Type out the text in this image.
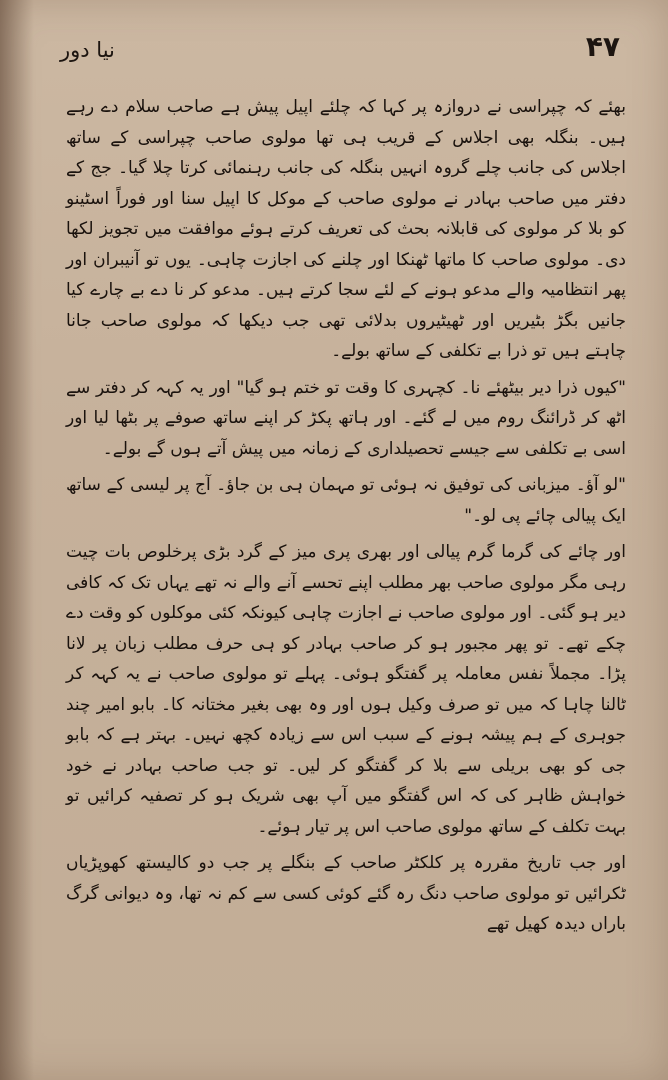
نیا دور	۴۷

بھئے کہ چپراسی نے دروازہ پر کہا کہ چلئے اپیل پیش ہے صاحب سلام دے رہے ہیں۔ بنگلہ بھی اجلاس کے قریب ہی تھا مولوی صاحب چپراسی کے ساتھ اجلاس کی جانب چلے گروہ انہیں بنگلہ کی جانب رہنمائی کرتا چلا گیا۔ جج کے دفتر میں صاحب بہادر نے مولوی صاحب کے موکل کا اپیل سنا اور فوراً اسٹینو کو بلا کر مولوی کی قابلانہ بحث کی تعریف کرتے ہوئے موافقت میں تجویز لکھا دی۔ مولوی صاحب کا ماتھا ٹھنکا اور چلنے کی اجازت چاہی۔ یوں تو آنیبران اور پھر انتظامیہ والے مدعو ہونے کے لئے سجا کرتے ہیں۔ مدعو کر نا دے بے چارے کیا جانیں بگڑ بٹیریں اور ٹھیٹیروں بدلائی تھی جب دیکھا کہ مولوی صاحب جانا چاہتے ہیں تو ذرا بے تکلفی کے ساتھ بولے۔

"کیوں ذرا دیر بیٹھئے نا۔ کچہری کا وقت تو ختم ہو گیا" اور یہ کہہ کر دفتر سے اٹھ کر ڈرائنگ روم میں لے گئے۔ اور ہاتھ پکڑ کر اپنے ساتھ صوفے پر بٹھا لیا اور اسی بے تکلفی سے جیسے تحصیلداری کے زمانہ میں پیش آتے ہوں گے بولے۔

"لو آؤ۔ میزبانی کی توفیق نہ ہوئی تو مہمان ہی بن جاؤ۔ آج پر لیسی کے ساتھ ایک پیالی چائے پی لو۔"

اور چائے کی گرما گرم پیالی اور بھری پری میز کے گرد بڑی پرخلوص بات چیت رہی مگر مولوی صاحب بھر مطلب اپنے تحسے آنے والے نہ تھے یہاں تک کہ کافی دیر ہو گئی۔ اور مولوی صاحب نے اجازت چاہی کیونکہ کئی موکلوں کو وقت دے چکے تھے۔ تو پھر مجبور ہو کر صاحب بہادر کو ہی حرف مطلب زبان پر لانا پڑا۔ مجملاً نفس معاملہ پر گفتگو ہوئی۔ پہلے تو مولوی صاحب نے یہ کہہ کر ٹالنا چاہا کہ میں تو صرف وکیل ہوں اور وہ بھی بغیر مختانہ کا۔ بابو امیر چند جوہری کے ہم پیشہ ہونے کے سبب اس سے زیادہ کچھ نہیں۔ بہتر ہے کہ بابو جی کو بھی بریلی سے بلا کر گفتگو کر لیں۔ تو جب صاحب بہادر نے خود خواہش ظاہر کی کہ اس گفتگو میں آپ بھی شریک ہو کر تصفیہ کرائیں تو بہت تکلف کے ساتھ مولوی صاحب اس پر تیار ہوئے۔

اور جب تاریخ مقررہ پر کلکٹر صاحب کے بنگلے پر جب دو کالیستھ کھوپڑیاں ٹکرائیں تو مولوی صاحب دنگ رہ گئے کوئی کسی سے کم نہ تھا، وہ دیوانی گرگ باراں دیدہ کھیل تھے
